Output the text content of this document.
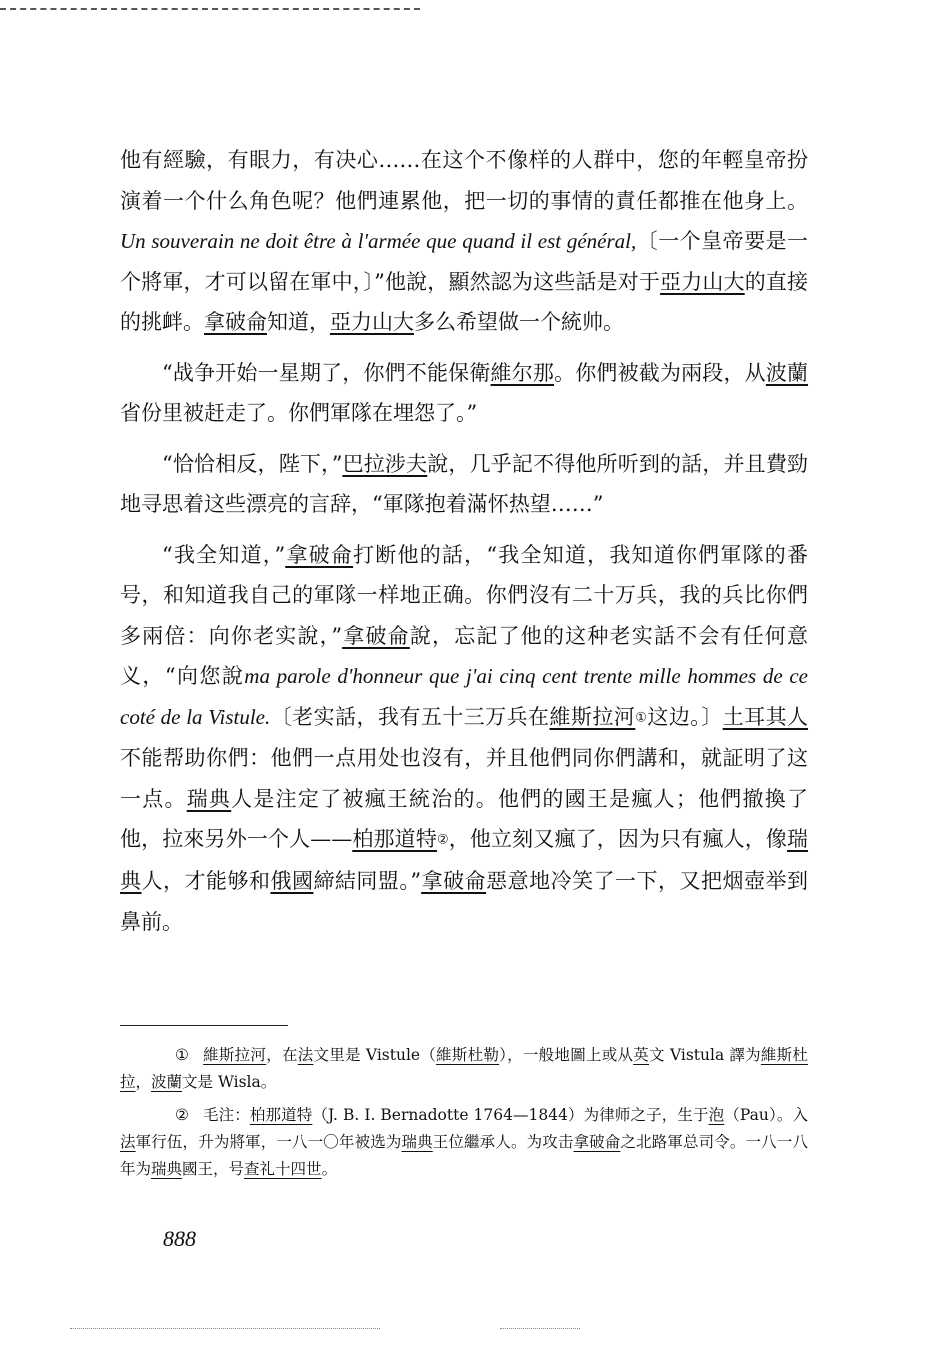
他有經驗，有眼力，有决心……在这个不像样的人群中，您的年輕皇帝扮演着一个什么角色呢？他們連累他，把一切的事情的責任都推在他身上。Un souverain ne doit être à l'armée que quand il est général,〔一个皇帝要是一个將軍，才可以留在軍中，〕”他說，顯然認为这些話是对于亞力山大的直接的挑衅。拿破侖知道，亞力山大多么希望做一个統帅。

“战争开始一星期了，你們不能保衛維尔那。你們被截为兩段，从波蘭省份里被赶走了。你們軍隊在埋怨了。”

“恰恰相反，陛下，”巴拉涉夫說，几乎記不得他所听到的話，并且費勁地寻思着这些漂亮的言辞，“軍隊抱着滿怀热望……”

“我全知道，”拿破侖打断他的話，“我全知道，我知道你們軍隊的番号，和知道我自己的軍隊一样地正确。你們沒有二十万兵，我的兵比你們多兩倍：向你老实說，”拿破侖說，忘記了他的这种老实話不会有任何意义，“向您說ma parole d'honneur que j'ai cinq cent trente mille hommes de ce coté de la Vistule.〔老实話，我有五十三万兵在維斯拉河①这边。〕土耳其人不能帮助你們：他們一点用处也沒有，并且他們同你們講和，就証明了这一点。瑞典人是注定了被瘋王統治的。他們的國王是瘋人；他們撤換了他，拉來另外一个人——柏那道特②，他立刻又瘋了，因为只有瘋人，像瑞典人，才能够和俄國締結同盟。”拿破侖惡意地冷笑了一下，又把烟壺举到鼻前。

① 維斯拉河，在法文里是 Vistule（維斯杜勒），一般地圖上或从英文 Vistula 譯为維斯杜拉，波蘭文是 Wisla。

② 毛注：柏那道特（J. B. I. Bernadotte 1764—1844）为律师之子，生于泡（Pau）。入法軍行伍，升为將軍，一八一〇年被选为瑞典王位繼承人。为攻击拿破侖之北路軍总司令。一八一八年为瑞典國王，号查礼十四世。

888
